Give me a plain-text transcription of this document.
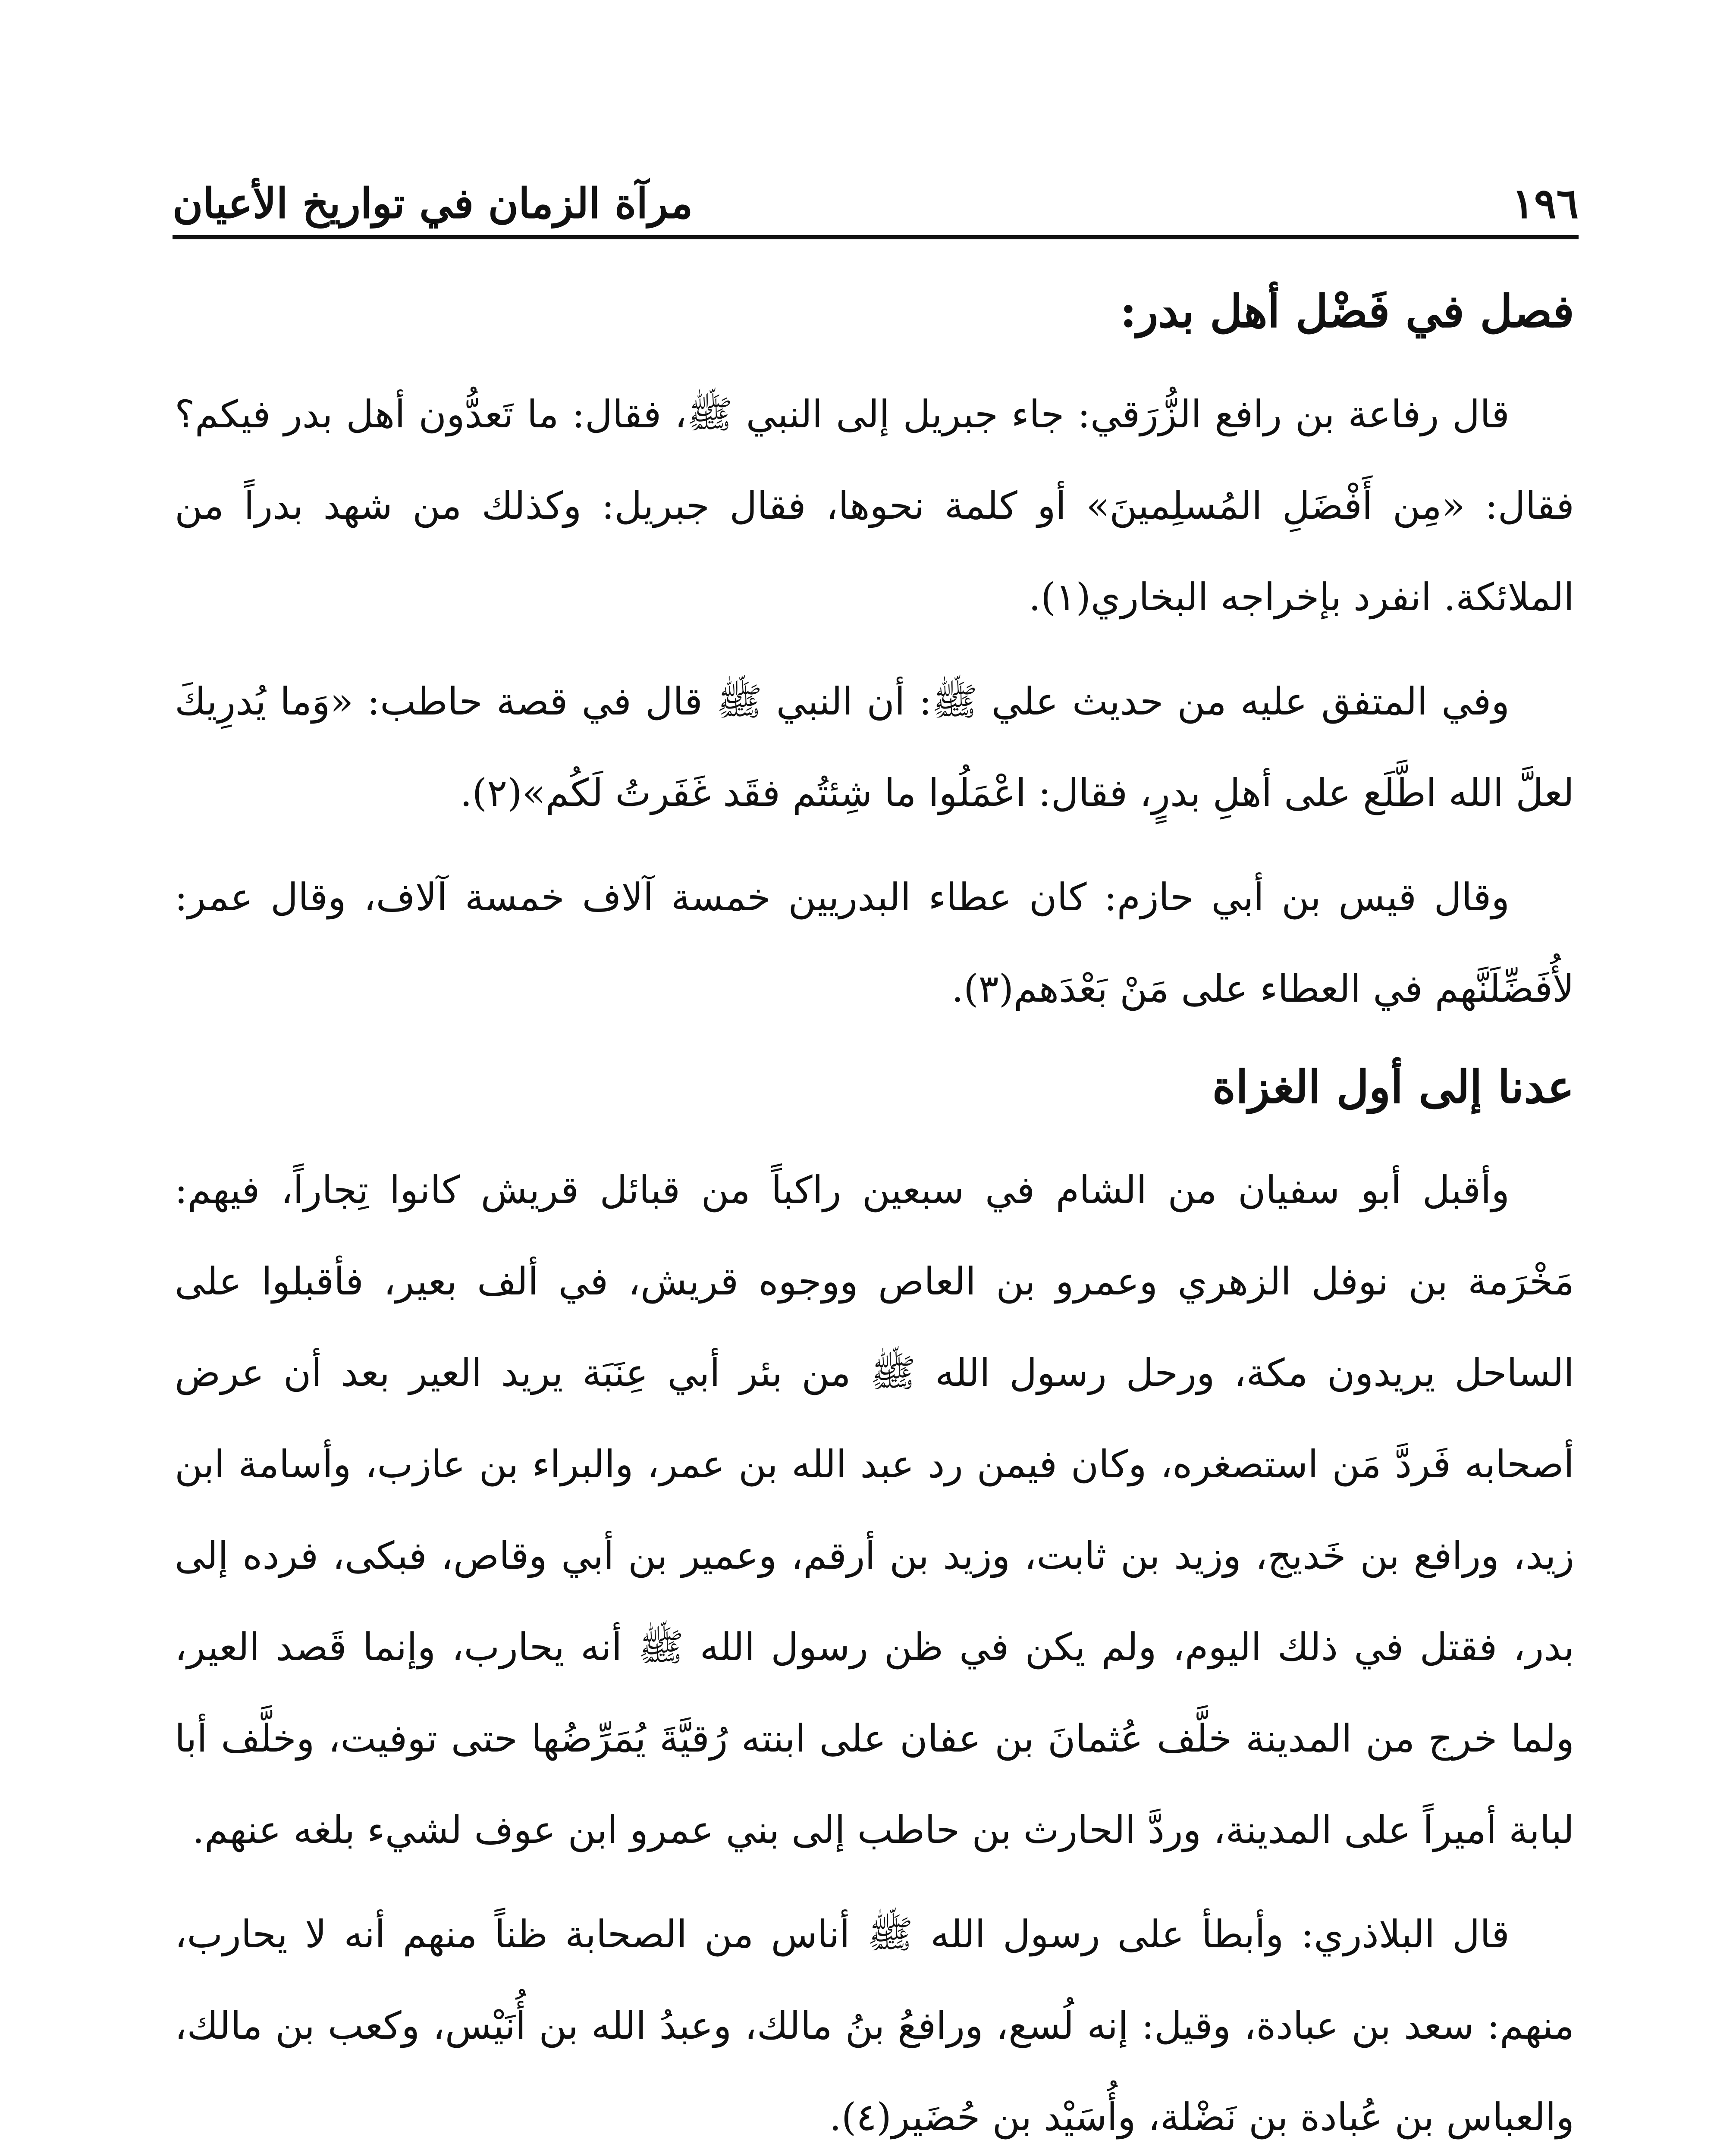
١٩٦
مرآة الزمان في تواريخ الأعيان
فصل في فَضْل أهل بدر:

قال رفاعة بن رافع الزُّرَقي: جاء جبريل إلى النبي ﷺ، فقال: ما تَعدُّون أهل بدر فيكم؟ فقال: «مِن أَفْضَلِ المُسلِمينَ» أو كلمة نحوها، فقال جبريل: وكذلك من شهد بدراً من الملائكة. انفرد بإخراجه البخاري(١).

وفي المتفق عليه من حديث علي ﷺ: أن النبي ﷺ قال في قصة حاطب: «وَما يُدرِيكَ لعلَّ الله اطَّلَع على أهلِ بدرٍ، فقال: اعْمَلُوا ما شِئتُم فقَد غَفَرتُ لَكُم»(٢).

وقال قيس بن أبي حازم: كان عطاء البدريين خمسة آلاف خمسة آلاف، وقال عمر: لأُفَضِّلَنَّهم في العطاء على مَنْ بَعْدَهم(٣).

عدنا إلى أول الغزاة

وأقبل أبو سفيان من الشام في سبعين راكباً من قبائل قريش كانوا تِجاراً، فيهم: مَخْرَمة بن نوفل الزهري وعمرو بن العاص ووجوه قريش، في ألف بعير، فأقبلوا على الساحل يريدون مكة، ورحل رسول الله ﷺ من بئر أبي عِنَبَة يريد العير بعد أن عرض أصحابه فَردَّ مَن استصغره، وكان فيمن رد عبد الله بن عمر، والبراء بن عازب، وأسامة ابن زيد، ورافع بن خَديج، وزيد بن ثابت، وزيد بن أرقم، وعمير بن أبي وقاص، فبكى، فرده إلى بدر، فقتل في ذلك اليوم، ولم يكن في ظن رسول الله ﷺ أنه يحارب، وإنما قَصد العير، ولما خرج من المدينة خلَّف عُثمانَ بن عفان على ابنته رُقيَّةَ يُمَرِّضُها حتى توفيت، وخلَّف أبا لبابة أميراً على المدينة، وردَّ الحارث بن حاطب إلى بني عمرو ابن عوف لشيء بلغه عنهم.

قال البلاذري: وأبطأ على رسول الله ﷺ أناس من الصحابة ظناً منهم أنه لا يحارب، منهم: سعد بن عبادة، وقيل: إنه لُسع، ورافعُ بنُ مالك، وعبدُ الله بن أُنَيْس، وكعب بن مالك، والعباس بن عُبادة بن نَضْلة، وأُسَيْد بن حُضَير(٤).
